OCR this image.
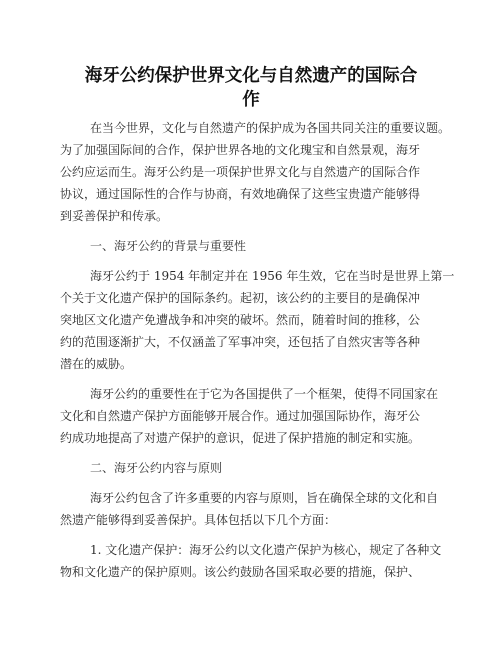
海牙公约保护世界文化与自然遗产的国际合
作
在当今世界，文化与自然遗产的保护成为各国共同关注的重要议题。
为了加强国际间的合作，保护世界各地的文化瑰宝和自然景观，海牙
公约应运而生。海牙公约是一项保护世界文化与自然遗产的国际合作
协议，通过国际性的合作与协商，有效地确保了这些宝贵遗产能够得
到妥善保护和传承。
一、海牙公约的背景与重要性
海牙公约于 1954 年制定并在 1956 年生效，它在当时是世界上第一
个关于文化遗产保护的国际条约。起初，该公约的主要目的是确保冲
突地区文化遗产免遭战争和冲突的破坏。然而，随着时间的推移，公
约的范围逐渐扩大，不仅涵盖了军事冲突，还包括了自然灾害等各种
潜在的威胁。
海牙公约的重要性在于它为各国提供了一个框架，使得不同国家在
文化和自然遗产保护方面能够开展合作。通过加强国际协作，海牙公
约成功地提高了对遗产保护的意识，促进了保护措施的制定和实施。
二、海牙公约内容与原则
海牙公约包含了许多重要的内容与原则，旨在确保全球的文化和自
然遗产能够得到妥善保护。具体包括以下几个方面：
1. 文化遗产保护：海牙公约以文化遗产保护为核心，规定了各种文
物和文化遗产的保护原则。该公约鼓励各国采取必要的措施，保护、
